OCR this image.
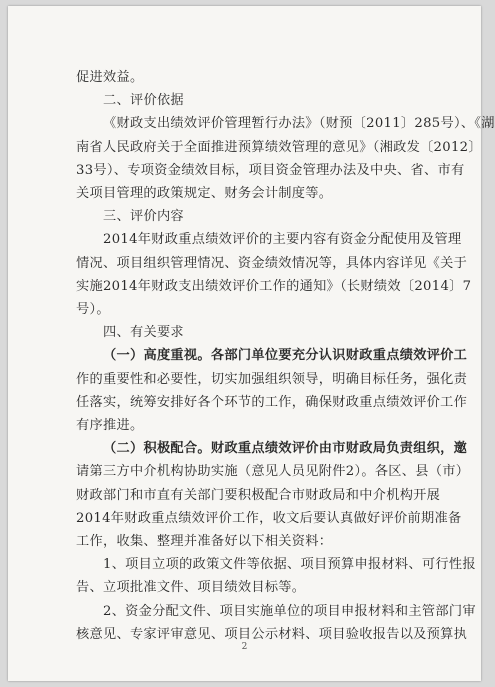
促进效益。
二、评价依据
《财政支出绩效评价管理暂行办法》（财预〔2011〕285号）、《湖
南省人民政府关于全面推进预算绩效管理的意见》（湘政发〔2012〕
33号）、专项资金绩效目标，项目资金管理办法及中央、省、市有
关项目管理的政策规定、财务会计制度等。
三、评价内容
2014年财政重点绩效评价的主要内容有资金分配使用及管理
情况、项目组织管理情况、资金绩效情况等，具体内容详见《关于
实施2014年财政支出绩效评价工作的通知》（长财绩效〔2014〕7
号）。
四、有关要求
（一）高度重视。各部门单位要充分认识财政重点绩效评价工
作的重要性和必要性，切实加强组织领导，明确目标任务，强化责
任落实，统筹安排好各个环节的工作，确保财政重点绩效评价工作
有序推进。
（二）积极配合。财政重点绩效评价由市财政局负责组织，邀
请第三方中介机构协助实施（意见人员见附件2）。各区、县（市）
财政部门和市直有关部门要积极配合市财政局和中介机构开展
2014年财政重点绩效评价工作，收文后要认真做好评价前期准备
工作，收集、整理并准备好以下相关资料：
1、项目立项的政策文件等依据、项目预算申报材料、可行性报
告、立项批准文件、项目绩效目标等。
2、资金分配文件、项目实施单位的项目申报材料和主管部门审
核意见、专家评审意见、项目公示材料、项目验收报告以及预算执
2
